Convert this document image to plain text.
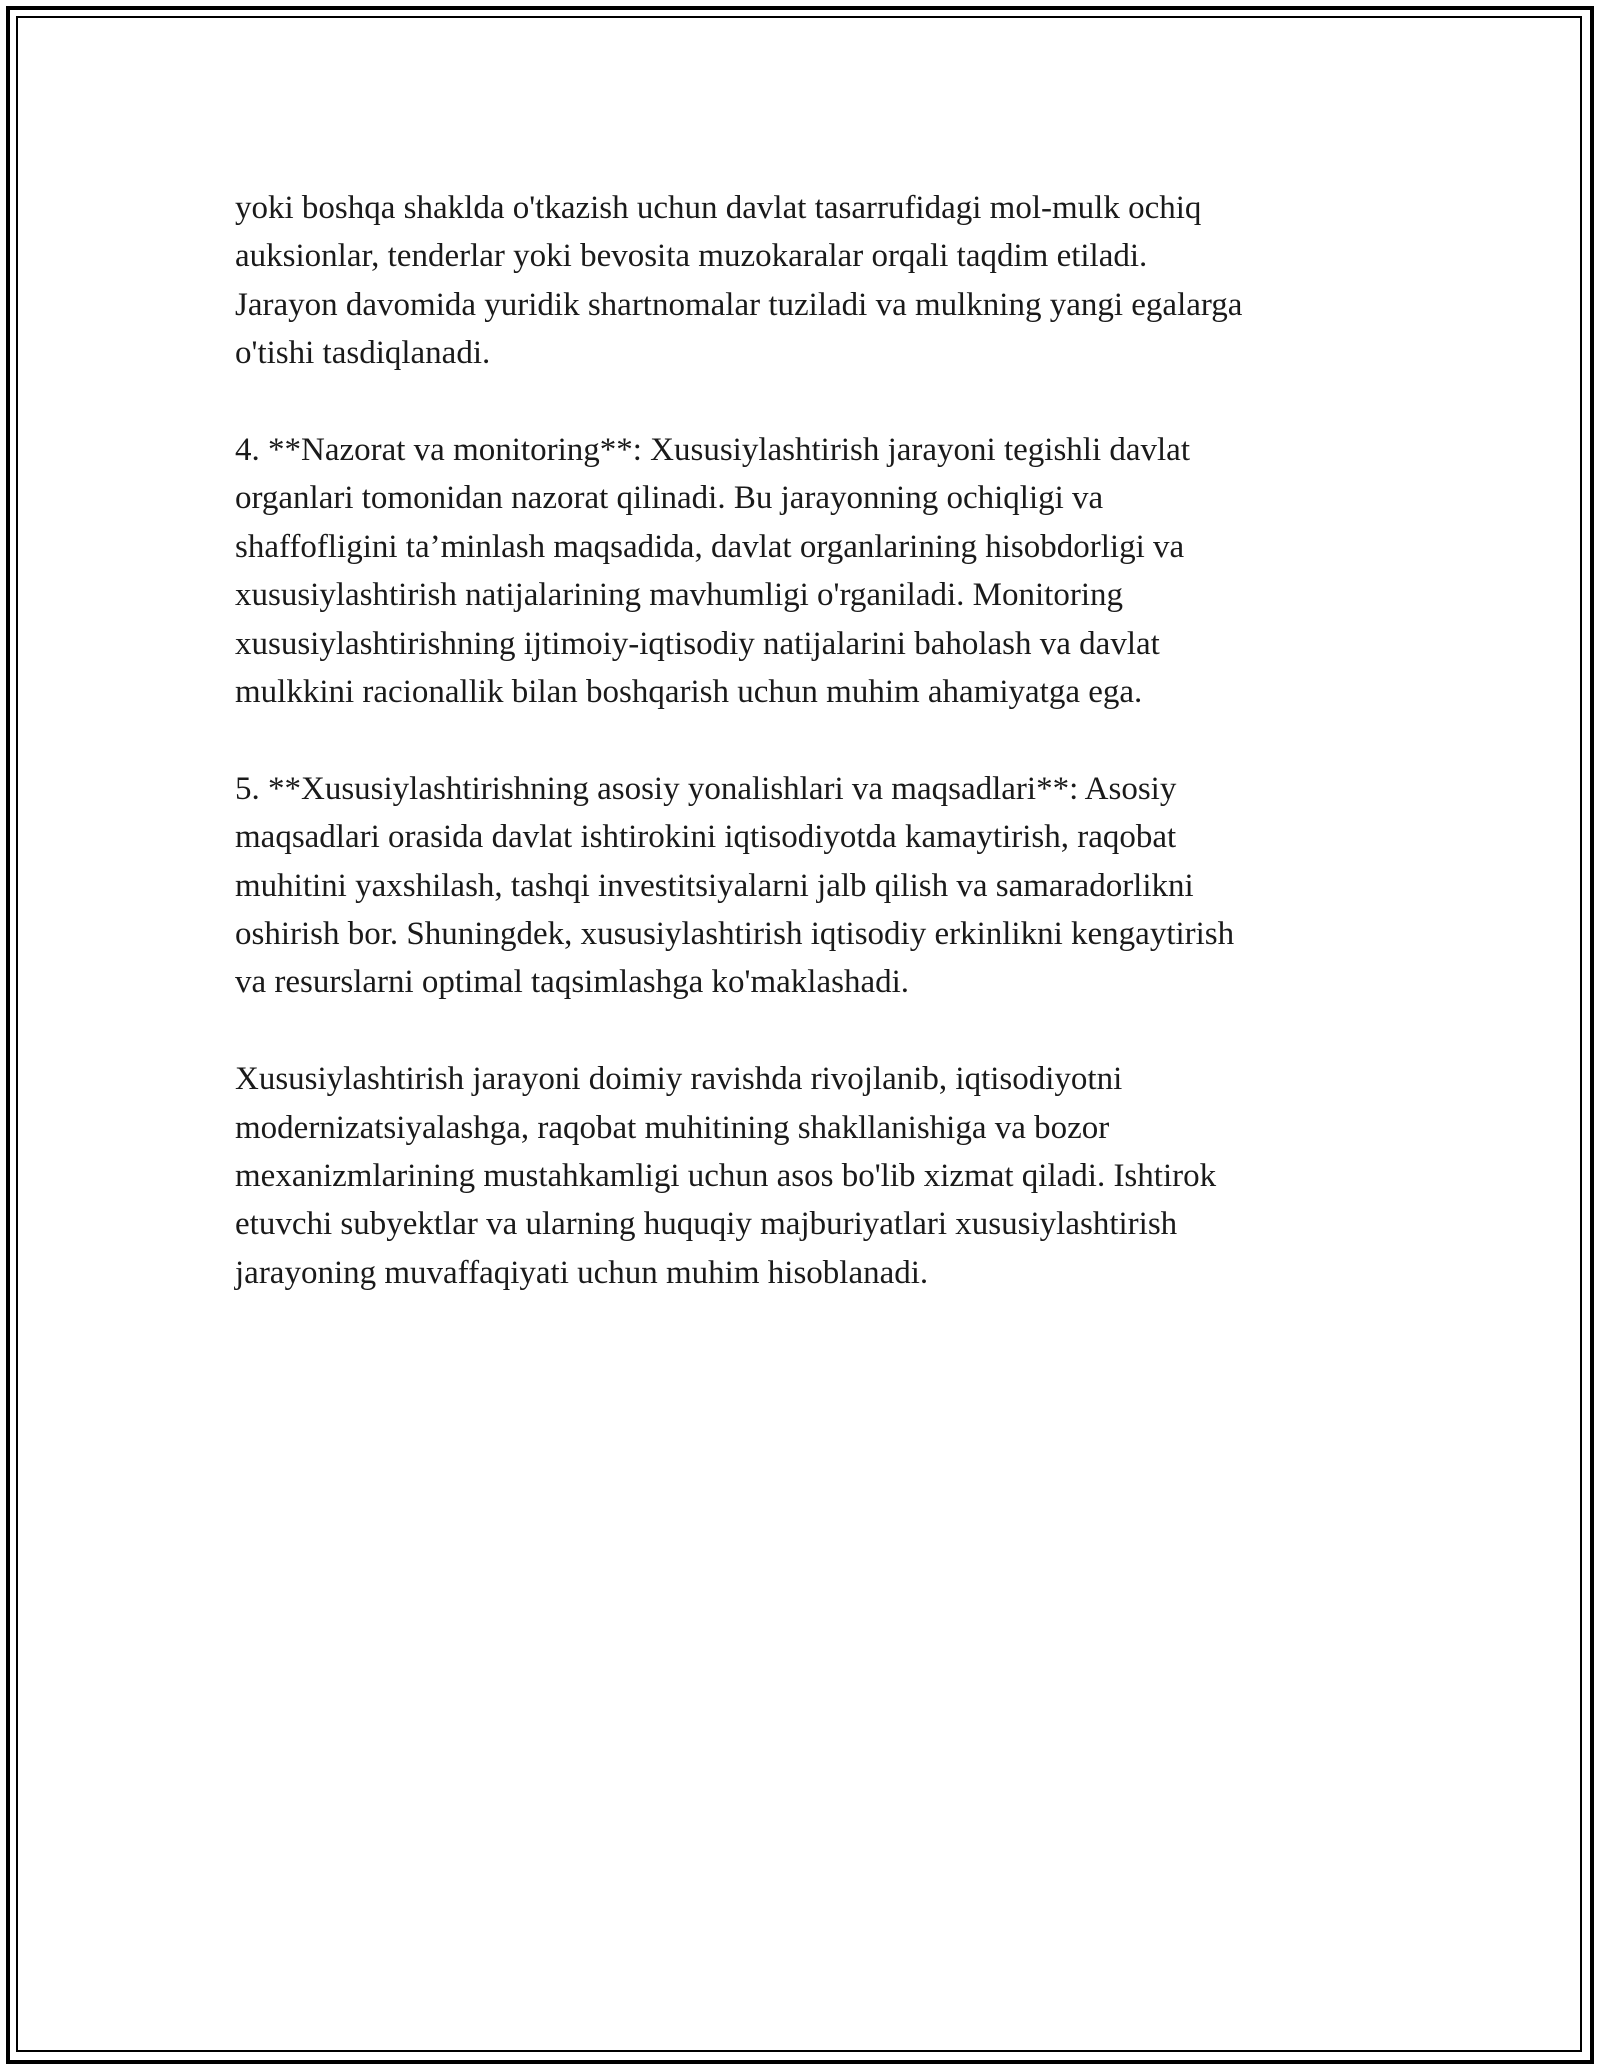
yoki boshqa shaklda o'tkazish uchun davlat tasarrufidagi mol-mulk ochiq
auksionlar, tenderlar yoki bevosita muzokaralar orqali taqdim etiladi.
Jarayon davomida yuridik shartnomalar tuziladi va mulkning yangi egalarga
o'tishi tasdiqlanadi.

4. **Nazorat va monitoring**: Xususiylashtirish jarayoni tegishli davlat
organlari tomonidan nazorat qilinadi. Bu jarayonning ochiqligi va
shaffofligini ta’minlash maqsadida, davlat organlarining hisobdorligi va
xususiylashtirish natijalarining mavhumligi o'rganiladi. Monitoring
xususiylashtirishning ijtimoiy-iqtisodiy natijalarini baholash va davlat
mulkkini racionallik bilan boshqarish uchun muhim ahamiyatga ega.

5. **Xususiylashtirishning asosiy yonalishlari va maqsadlari**: Asosiy
maqsadlari orasida davlat ishtirokini iqtisodiyotda kamaytirish, raqobat
muhitini yaxshilash, tashqi investitsiyalarni jalb qilish va samaradorlikni
oshirish bor. Shuningdek, xususiylashtirish iqtisodiy erkinlikni kengaytirish
va resurslarni optimal taqsimlashga ko'maklashadi.

Xususiylashtirish jarayoni doimiy ravishda rivojlanib, iqtisodiyotni
modernizatsiyalashga, raqobat muhitining shakllanishiga va bozor
mexanizmlarining mustahkamligi uchun asos bo'lib xizmat qiladi. Ishtirok
etuvchi subyektlar va ularning huquqiy majburiyatlari xususiylashtirish
jarayoning muvaffaqiyati uchun muhim hisoblanadi.
